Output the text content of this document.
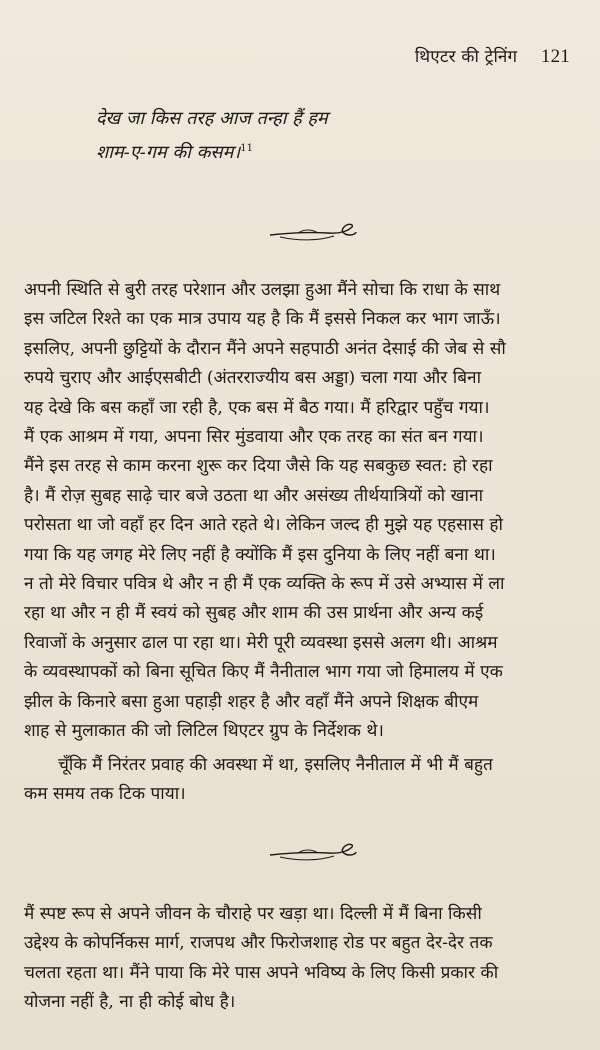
थिएटर की ट्रेनिंग 121
देख जा किस तरह आज तन्हा हैं हम
शाम-ए-गम की कसम।$^{11}$
अपनी स्थिति से बुरी तरह परेशान और उलझा हुआ मैंने सोचा कि राधा के साथ
इस जटिल रिश्ते का एक मात्र उपाय यह है कि मैं इससे निकल कर भाग जाऊँ।
इसलिए, अपनी छुट्टियों के दौरान मैंने अपने सहपाठी अनंत देसाई की जेब से सौ
रुपये चुराए और आईएसबीटी (अंतरराज्यीय बस अड्डा) चला गया और बिना
यह देखे कि बस कहाँ जा रही है, एक बस में बैठ गया। मैं हरिद्वार पहुँच गया।
मैं एक आश्रम में गया, अपना सिर मुंडवाया और एक तरह का संत बन गया।
मैंने इस तरह से काम करना शुरू कर दिया जैसे कि यह सबकुछ स्वत: हो रहा
है। मैं रोज़ सुबह साढ़े चार बजे उठता था और असंख्य तीर्थयात्रियों को खाना
परोसता था जो वहाँ हर दिन आते रहते थे। लेकिन जल्द ही मुझे यह एहसास हो
गया कि यह जगह मेरे लिए नहीं है क्योंकि मैं इस दुनिया के लिए नहीं बना था।
न तो मेरे विचार पवित्र थे और न ही मैं एक व्यक्ति के रूप में उसे अभ्यास में ला
रहा था और न ही मैं स्वयं को सुबह और शाम की उस प्रार्थना और अन्य कई
रिवाजों के अनुसार ढाल पा रहा था। मेरी पूरी व्यवस्था इससे अलग थी। आश्रम
के व्यवस्थापकों को बिना सूचित किए मैं नैनीताल भाग गया जो हिमालय में एक
झील के किनारे बसा हुआ पहाड़ी शहर है और वहाँ मैंने अपने शिक्षक बीएम
शाह से मुलाकात की जो लिटिल थिएटर ग्रुप के निर्देशक थे।
चूँकि मैं निरंतर प्रवाह की अवस्था में था, इसलिए नैनीताल में भी मैं बहुत
कम समय तक टिक पाया।
मैं स्पष्ट रूप से अपने जीवन के चौराहे पर खड़ा था। दिल्ली में मैं बिना किसी
उद्देश्य के कोपर्निकस मार्ग, राजपथ और फिरोजशाह रोड पर बहुत देर-देर तक
चलता रहता था। मैंने पाया कि मेरे पास अपने भविष्य के लिए किसी प्रकार की
योजना नहीं है, ना ही कोई बोध है।
